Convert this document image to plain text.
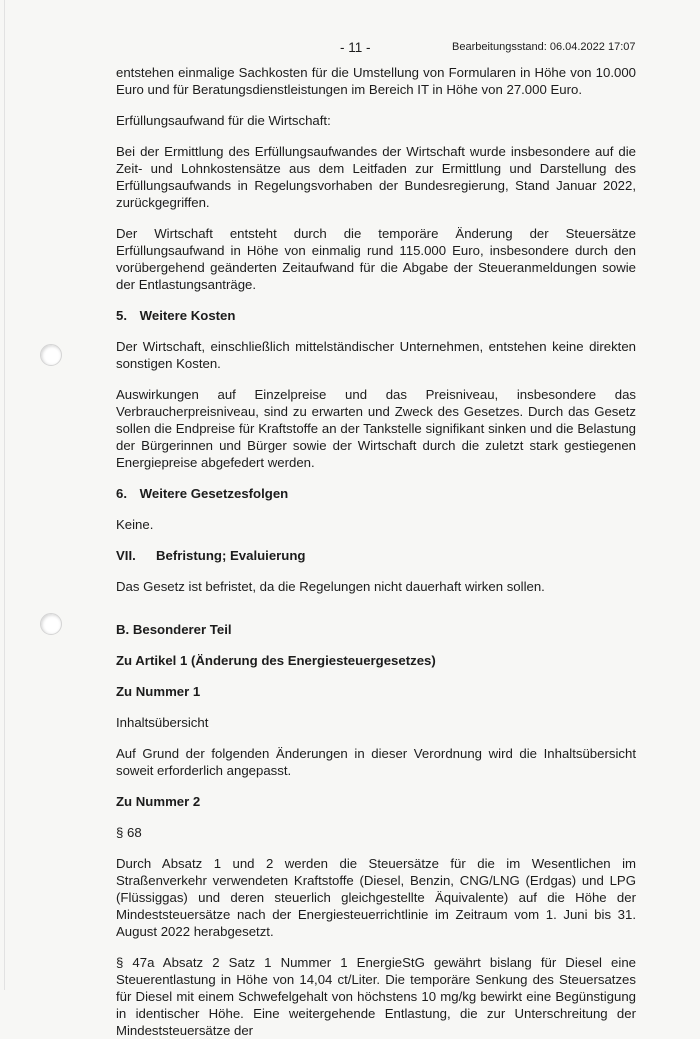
- 11 -	Bearbeitungsstand: 06.04.2022 17:07

entstehen einmalige Sachkosten für die Umstellung von Formularen in Höhe von 10.000 Euro und für Beratungsdienstleistungen im Bereich IT in Höhe von 27.000 Euro.

Erfüllungsaufwand für die Wirtschaft:

Bei der Ermittlung des Erfüllungsaufwandes der Wirtschaft wurde insbesondere auf die Zeit- und Lohnkostensätze aus dem Leitfaden zur Ermittlung und Darstellung des Erfüllungsaufwands in Regelungsvorhaben der Bundesregierung, Stand Januar 2022, zurückgegriffen.

Der Wirtschaft entsteht durch die temporäre Änderung der Steuersätze Erfüllungsaufwand in Höhe von einmalig rund 115.000 Euro, insbesondere durch den vorübergehend geänderten Zeitaufwand für die Abgabe der Steueranmeldungen sowie der Entlastungsanträge.

5. Weitere Kosten

Der Wirtschaft, einschließlich mittelständischer Unternehmen, entstehen keine direkten sonstigen Kosten.

Auswirkungen auf Einzelpreise und das Preisniveau, insbesondere das Verbraucherpreisniveau, sind zu erwarten und Zweck des Gesetzes. Durch das Gesetz sollen die Endpreise für Kraftstoffe an der Tankstelle signifikant sinken und die Belastung der Bürgerinnen und Bürger sowie der Wirtschaft durch die zuletzt stark gestiegenen Energiepreise abgefedert werden.

6. Weitere Gesetzesfolgen

Keine.

VII. Befristung; Evaluierung

Das Gesetz ist befristet, da die Regelungen nicht dauerhaft wirken sollen.

B. Besonderer Teil
Zu Artikel 1 (Änderung des Energiesteuergesetzes)
Zu Nummer 1

Inhaltsübersicht

Auf Grund der folgenden Änderungen in dieser Verordnung wird die Inhaltsübersicht soweit erforderlich angepasst.

Zu Nummer 2

§ 68

Durch Absatz 1 und 2 werden die Steuersätze für die im Wesentlichen im Straßenverkehr verwendeten Kraftstoffe (Diesel, Benzin, CNG/LNG (Erdgas) und LPG (Flüssiggas) und deren steuerlich gleichgestellte Äquivalente) auf die Höhe der Mindeststeuersätze nach der Energiesteuerrichtlinie im Zeitraum vom 1. Juni bis 31. August 2022 herabgesetzt.

§ 47a Absatz 2 Satz 1 Nummer 1 EnergieStG gewährt bislang für Diesel eine Steuerentlastung in Höhe von 14,04 ct/Liter. Die temporäre Senkung des Steuersatzes für Diesel mit einem Schwefelgehalt von höchstens 10 mg/kg bewirkt eine Begünstigung in identischer Höhe. Eine weitergehende Entlastung, die zur Unterschreitung der Mindeststeuersätze der
